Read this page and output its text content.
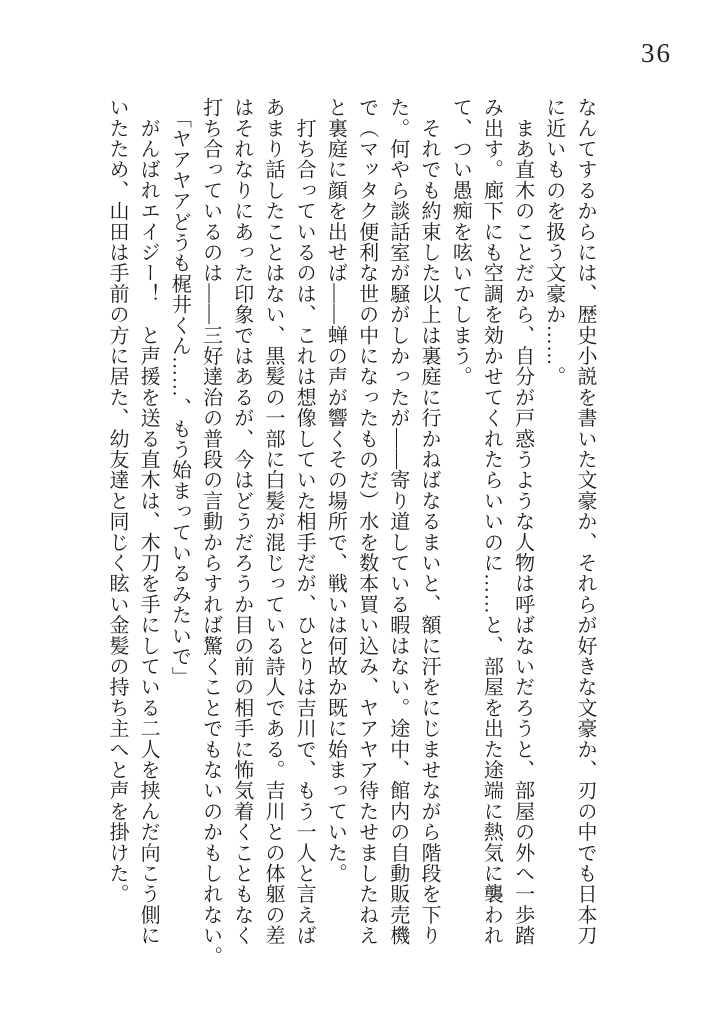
36
なんてするからには、歴史小説を書いた文豪か、それらが好きな文豪か、刃の中でも日本刀
に近いものを扱う文豪か……。
　まあ直木のことだから、自分が戸惑うような人物は呼ばないだろうと、部屋の外へ一歩踏
み出す。廊下にも空調を効かせてくれたらいいのに……と、部屋を出た途端に熱気に襲われ
て、つい愚痴を呟いてしまう。
　それでも約束した以上は裏庭に行かねばなるまいと、額に汗をにじませながら階段を下り
た。何やら談話室が騒がしかったが――寄り道している暇はない。途中、館内の自動販売機
で（マッタク便利な世の中になったものだ）水を数本買い込み、ヤアヤア待たせましたねえ
と裏庭に顔を出せば――蝉の声が響くその場所で、戦いは何故か既に始まっていた。
　打ち合っているのは、これは想像していた相手だが、ひとりは吉川で、もう一人と言えば
あまり話したことはない、黒髪の一部に白髪が混じっている詩人である。吉川との体躯の差
はそれなりにあった印象ではあるが、今はどうだろうか目の前の相手に怖気着くこともなく
打ち合っているのは――三好達治の普段の言動からすれば驚くことでもないのかもしれない。
　「ヤアヤアどうも梶井くん……、もう始まっているみたいで」
　がんばれエイジー！　と声援を送る直木は、木刀を手にしている二人を挟んだ向こう側に
いたため、山田は手前の方に居た、幼友達と同じく眩い金髪の持ち主へと声を掛けた。
